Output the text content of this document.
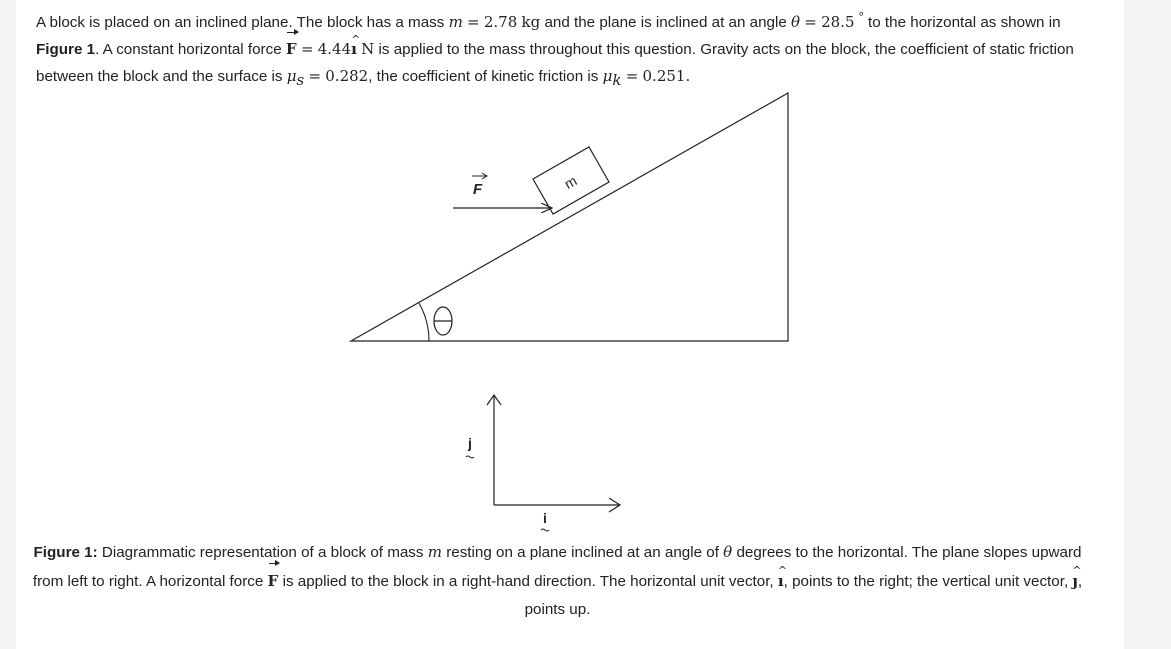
A block is placed on an inclined plane. The block has a mass m = 2.78 kg and the plane is inclined at an angle θ = 28.5 ° to the horizontal as shown in Figure 1. A constant horizontal force F = 4.44^ ı N is applied to the mass throughout this question. Gravity acts on the block, the coefficient of static friction between the block and the surface is $\mu_s = 0.282$, the coefficient of kinetic friction is $\mu_k = 0.251$.
m
F
j
i
Figure 1: Diagrammatic representation of a block of mass m resting on a plane inclined at an angle of θ degrees to the horizontal. The plane slopes upward from left to right. A horizontal force F is applied to the block in a right-hand direction. The horizontal unit vector, ^ ı, points to the right; the vertical unit vector, ^ ȷ, points up.
